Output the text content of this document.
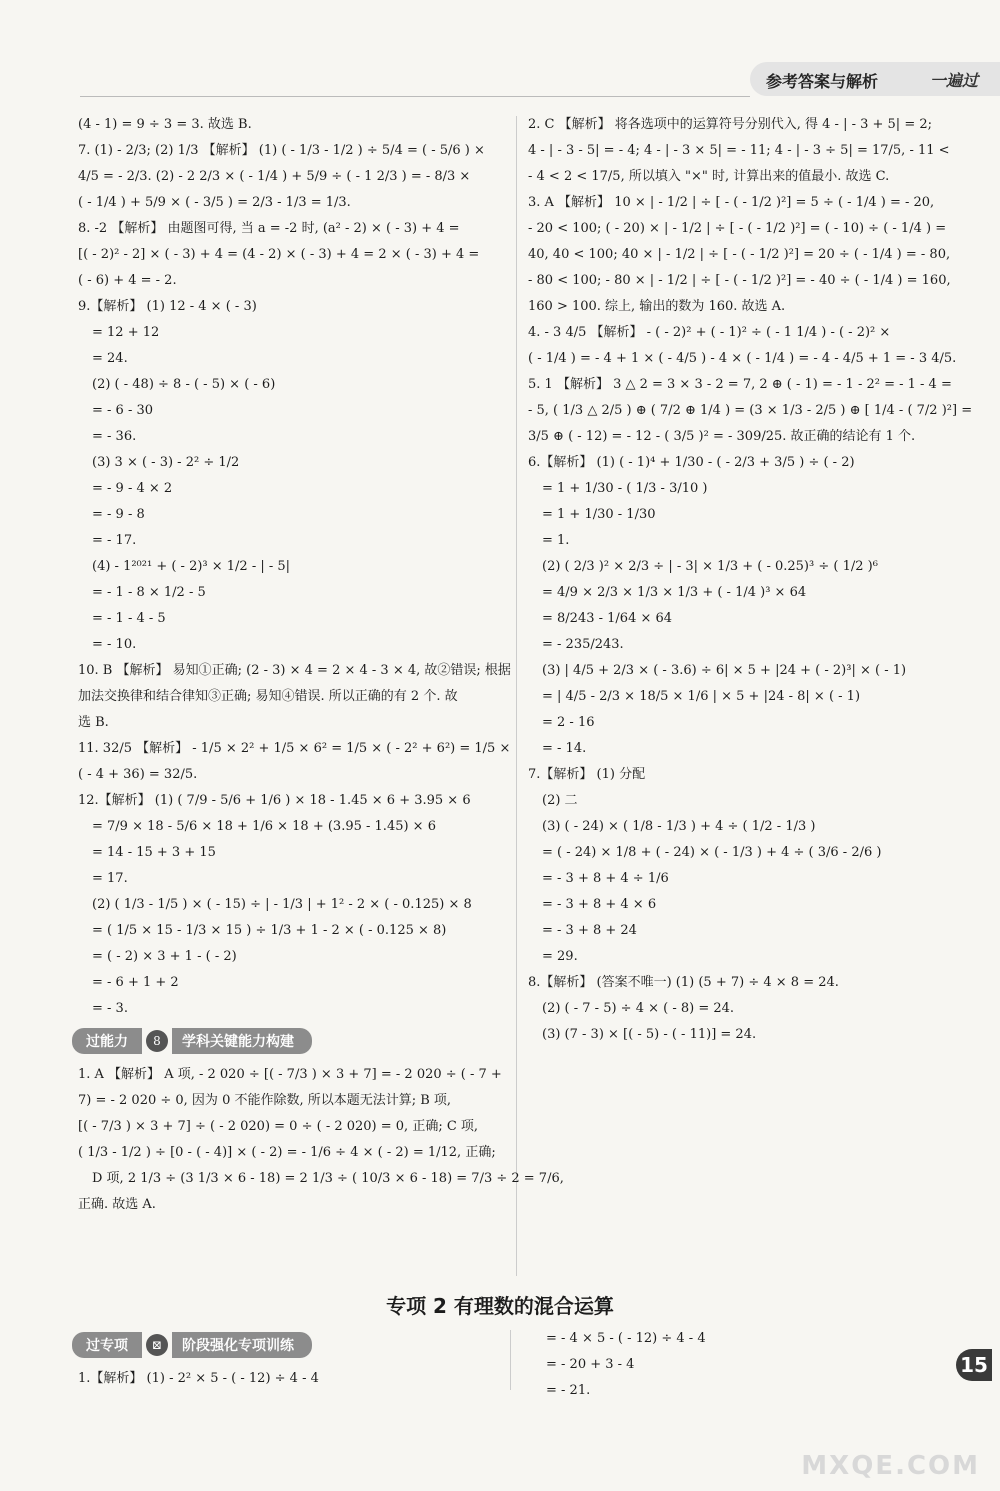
参考答案与解析	一遍过
(4 - 1) = 9 ÷ 3 = 3. 故选 B.
7. (1) - 2/3; (2) 1/3 【解析】 (1) ( - 1/3 - 1/2 ) ÷ 5/4 = ( - 5/6 ) ×
4/5 = - 2/3. (2) - 2 2/3 × ( - 1/4 ) + 5/9 ÷ ( - 1 2/3 ) = - 8/3 ×
( - 1/4 ) + 5/9 × ( - 3/5 ) = 2/3 - 1/3 = 1/3.
8. -2 【解析】 由题图可得, 当 a = -2 时, (a² - 2) × ( - 3) + 4 =
[( - 2)² - 2] × ( - 3) + 4 = (4 - 2) × ( - 3) + 4 = 2 × ( - 3) + 4 =
( - 6) + 4 = - 2.
9.【解析】 (1) 12 - 4 × ( - 3)
= 12 + 12
= 24.
(2) ( - 48) ÷ 8 - ( - 5) × ( - 6)
= - 6 - 30
= - 36.
(3) 3 × ( - 3) - 2² ÷ 1/2
= - 9 - 4 × 2
= - 9 - 8
= - 17.
(4) - 1²⁰²¹ + ( - 2)³ × 1/2 - | - 5|
= - 1 - 8 × 1/2 - 5
= - 1 - 4 - 5
= - 10.
10. B 【解析】 易知①正确; (2 - 3) × 4 = 2 × 4 - 3 × 4, 故②错误; 根据
加法交换律和结合律知③正确; 易知④错误. 所以正确的有 2 个. 故
选 B.
11. 32/5 【解析】 - 1/5 × 2² + 1/5 × 6² = 1/5 × ( - 2² + 6²) = 1/5 ×
( - 4 + 36) = 32/5.
12.【解析】 (1) ( 7/9 - 5/6 + 1/6 ) × 18 - 1.45 × 6 + 3.95 × 6
= 7/9 × 18 - 5/6 × 18 + 1/6 × 18 + (3.95 - 1.45) × 6
= 14 - 15 + 3 + 15
= 17.
(2) ( 1/3 - 1/5 ) × ( - 15) ÷ | - 1/3 | + 1² - 2 × ( - 0.125) × 8
= ( 1/5 × 15 - 1/3 × 15 ) ÷ 1/3 + 1 - 2 × ( - 0.125 × 8)
= ( - 2) × 3 + 1 - ( - 2)
= - 6 + 1 + 2
= - 3.
过能力	8	学科关键能力构建
1. A 【解析】 A 项, - 2 020 ÷ [( - 7/3 ) × 3 + 7] = - 2 020 ÷ ( - 7 +
7) = - 2 020 ÷ 0, 因为 0 不能作除数, 所以本题无法计算; B 项,
[( - 7/3 ) × 3 + 7] ÷ ( - 2 020) = 0 ÷ ( - 2 020) = 0, 正确; C 项,
( 1/3 - 1/2 ) ÷ [0 - ( - 4)] × ( - 2) = - 1/6 ÷ 4 × ( - 2) = 1/12, 正确;
D 项, 2 1/3 ÷ (3 1/3 × 6 - 18) = 2 1/3 ÷ ( 10/3 × 6 - 18) = 7/3 ÷ 2 = 7/6,
正确. 故选 A.
2. C 【解析】 将各选项中的运算符号分别代入, 得 4 - | - 3 + 5| = 2;
4 - | - 3 - 5| = - 4; 4 - | - 3 × 5| = - 11; 4 - | - 3 ÷ 5| = 17/5, - 11 <
- 4 < 2 < 17/5, 所以填入 "×" 时, 计算出来的值最小. 故选 C.
3. A 【解析】 10 × | - 1/2 | ÷ [ - ( - 1/2 )²] = 5 ÷ ( - 1/4 ) = - 20,
- 20 < 100; ( - 20) × | - 1/2 | ÷ [ - ( - 1/2 )²] = ( - 10) ÷ ( - 1/4 ) =
40, 40 < 100; 40 × | - 1/2 | ÷ [ - ( - 1/2 )²] = 20 ÷ ( - 1/4 ) = - 80,
- 80 < 100; - 80 × | - 1/2 | ÷ [ - ( - 1/2 )²] = - 40 ÷ ( - 1/4 ) = 160,
160 > 100. 综上, 输出的数为 160. 故选 A.
4. - 3 4/5 【解析】 - ( - 2)² + ( - 1)² ÷ ( - 1 1/4 ) - ( - 2)² ×
( - 1/4 ) = - 4 + 1 × ( - 4/5 ) - 4 × ( - 1/4 ) = - 4 - 4/5 + 1 = - 3 4/5.
5. 1 【解析】 3 △ 2 = 3 × 3 - 2 = 7, 2 ⊕ ( - 1) = - 1 - 2² = - 1 - 4 =
- 5, ( 1/3 △ 2/5 ) ⊕ ( 7/2 ⊕ 1/4 ) = (3 × 1/3 - 2/5 ) ⊕ [ 1/4 - ( 7/2 )²] =
3/5 ⊕ ( - 12) = - 12 - ( 3/5 )² = - 309/25. 故正确的结论有 1 个.
6.【解析】 (1) ( - 1)⁴ + 1/30 - ( - 2/3 + 3/5 ) ÷ ( - 2)
= 1 + 1/30 - ( 1/3 - 3/10 )
= 1 + 1/30 - 1/30
= 1.
(2) ( 2/3 )² × 2/3 ÷ | - 3| × 1/3 + ( - 0.25)³ ÷ ( 1/2 )⁶
= 4/9 × 2/3 × 1/3 × 1/3 + ( - 1/4 )³ × 64
= 8/243 - 1/64 × 64
= - 235/243.
(3) | 4/5 + 2/3 × ( - 3.6) ÷ 6| × 5 + |24 + ( - 2)³| × ( - 1)
= | 4/5 - 2/3 × 18/5 × 1/6 | × 5 + |24 - 8| × ( - 1)
= 2 - 16
= - 14.
7.【解析】 (1) 分配
(2) 二
(3) ( - 24) × ( 1/8 - 1/3 ) + 4 ÷ ( 1/2 - 1/3 )
= ( - 24) × 1/8 + ( - 24) × ( - 1/3 ) + 4 ÷ ( 3/6 - 2/6 )
= - 3 + 8 + 4 ÷ 1/6
= - 3 + 8 + 4 × 6
= - 3 + 8 + 24
= 29.
8.【解析】 (答案不唯一) (1) (5 + 7) ÷ 4 × 8 = 24.
(2) ( - 7 - 5) ÷ 4 × ( - 8) = 24.
(3) (7 - 3) × [( - 5) - ( - 11)] = 24.
专项 2 有理数的混合运算
过专项	⊠	阶段强化专项训练
1.【解析】 (1) - 2² × 5 - ( - 12) ÷ 4 - 4
= - 4 × 5 - ( - 12) ÷ 4 - 4
= - 20 + 3 - 4
= - 21.
15
MXQE.COM
